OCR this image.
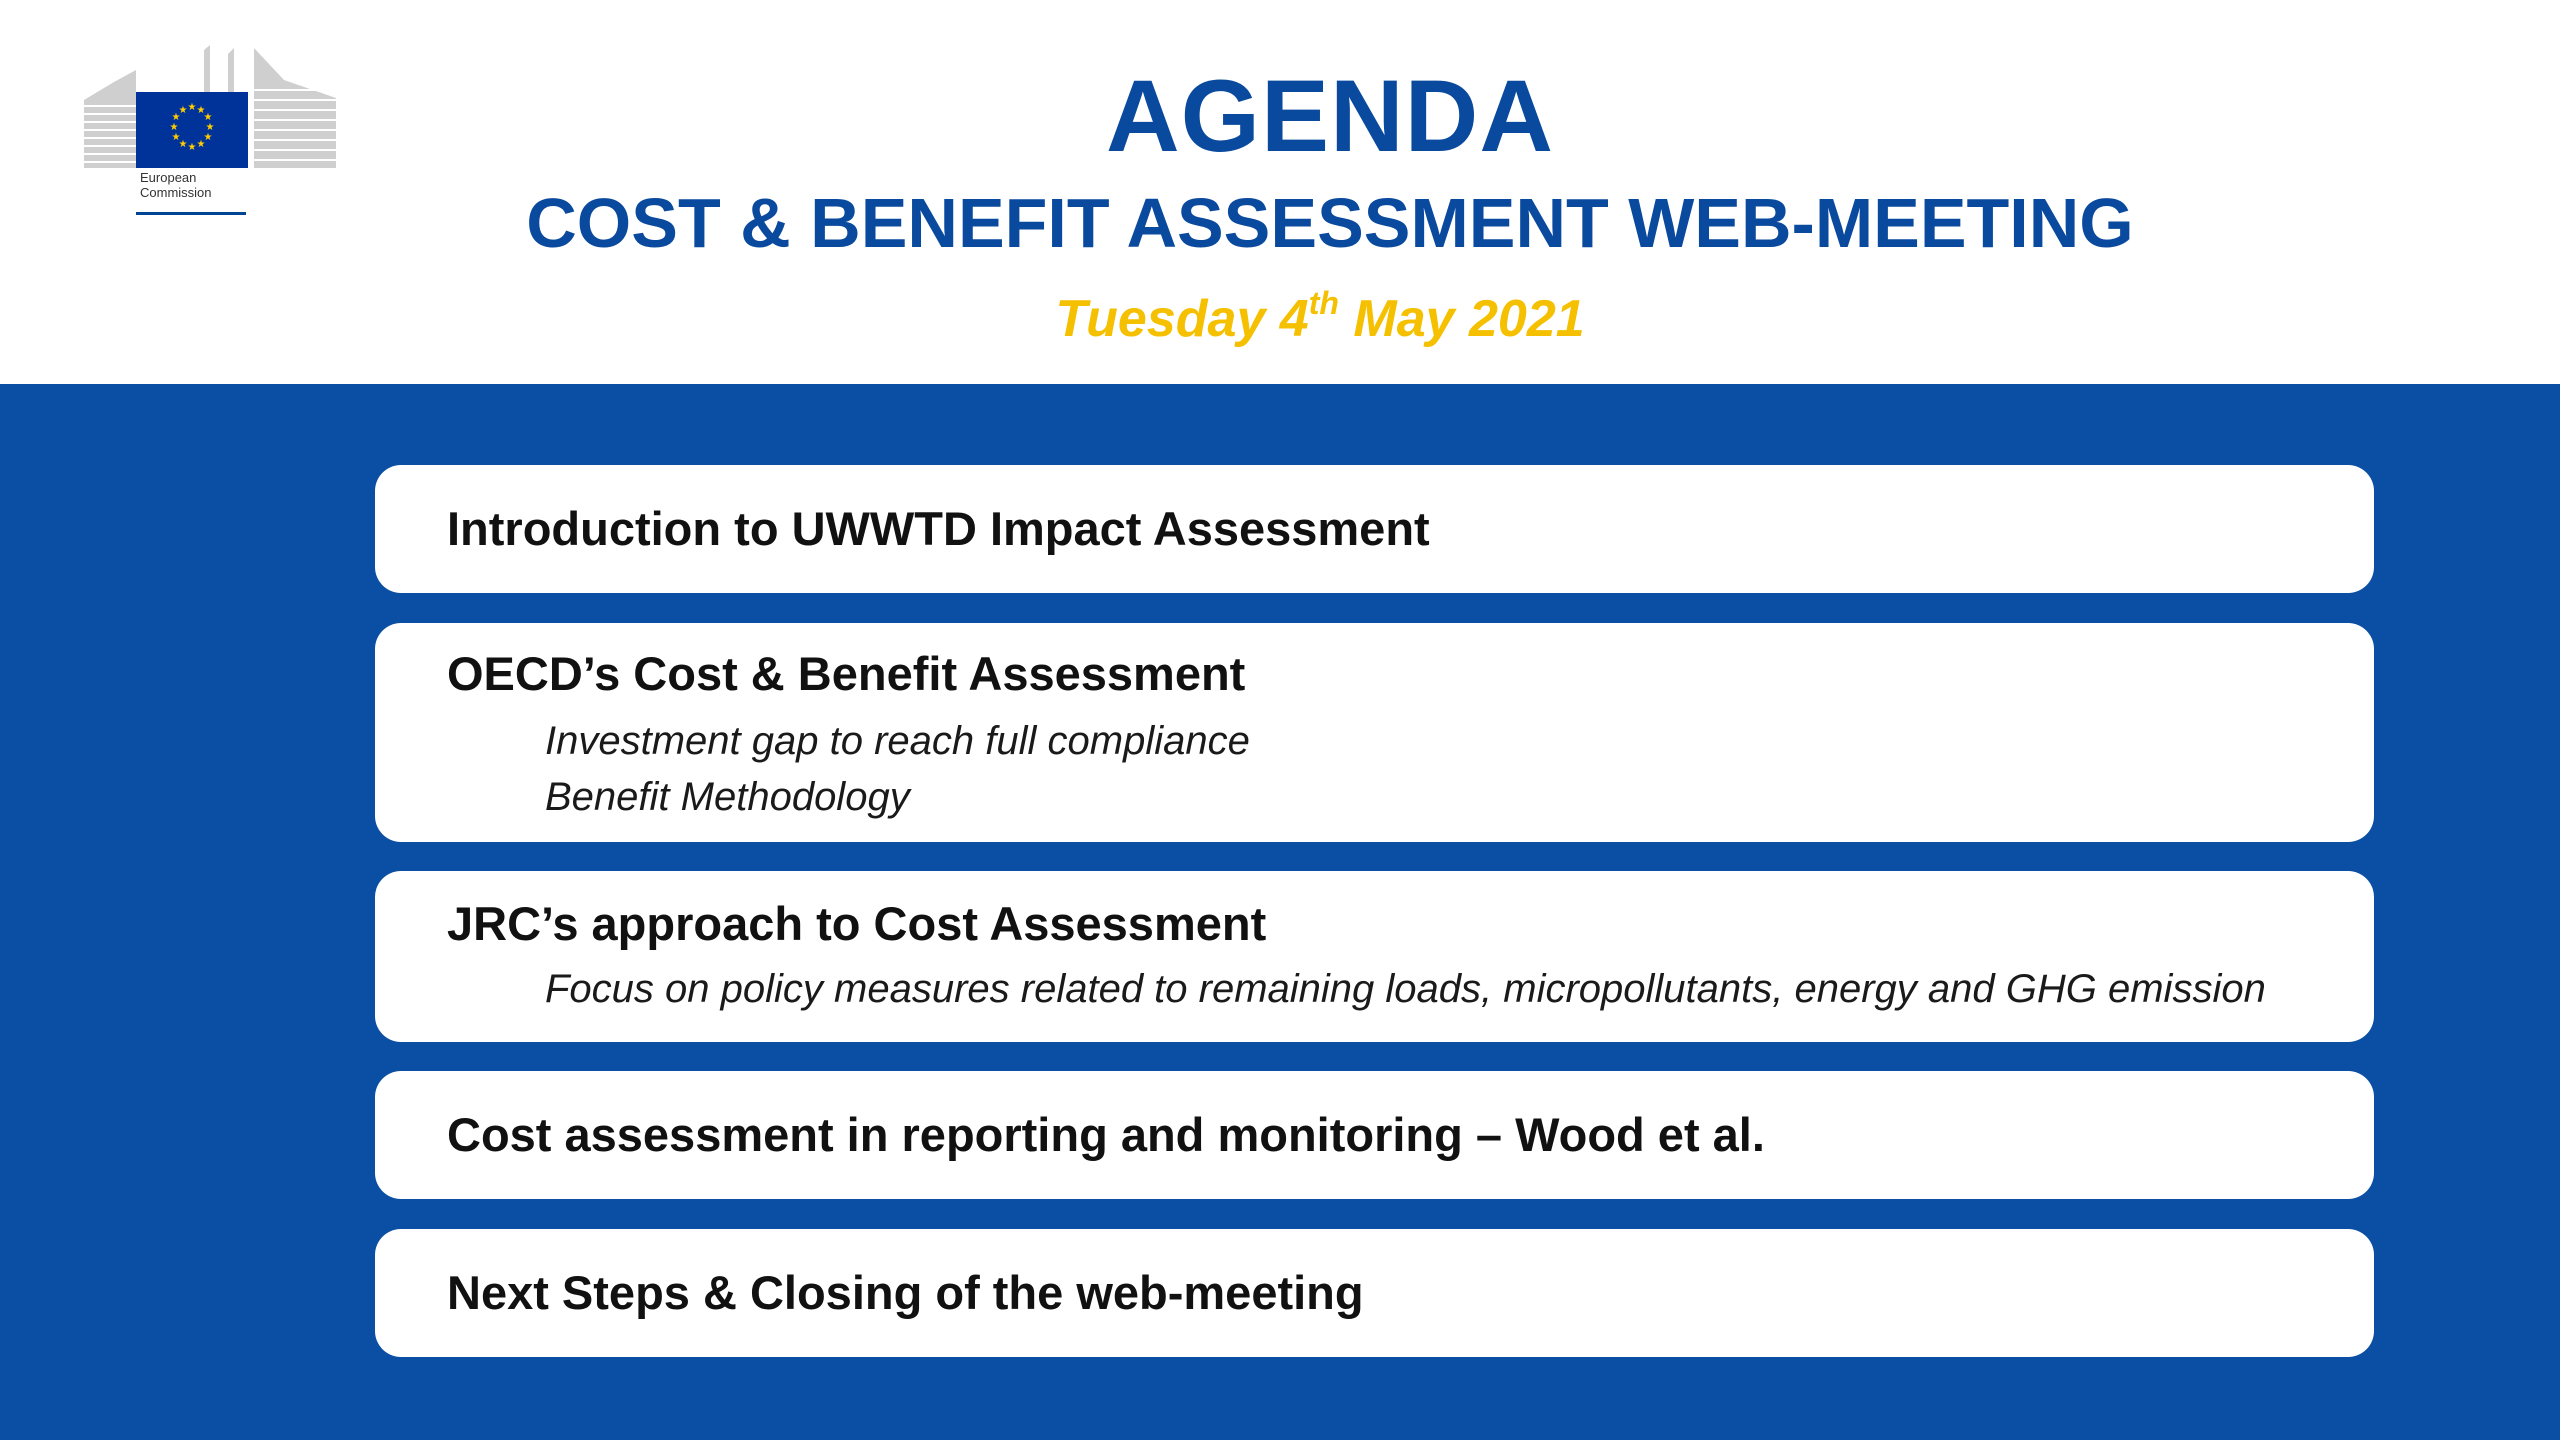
★ ★
★
★
★
★
★
★
★
★
★
★
European
Commission
AGENDA
COST & BENEFIT ASSESSMENT WEB-MEETING
Tuesday 4th May 2021
Introduction to UWWTD Impact Assessment
OECD’s Cost & Benefit Assessment
Investment gap to reach full compliance
Benefit Methodology
JRC’s approach to Cost Assessment
Focus on policy measures related to remaining loads, micropollutants, energy and GHG emission
Cost assessment in reporting and monitoring – Wood et al.
Next Steps & Closing of the web-meeting
